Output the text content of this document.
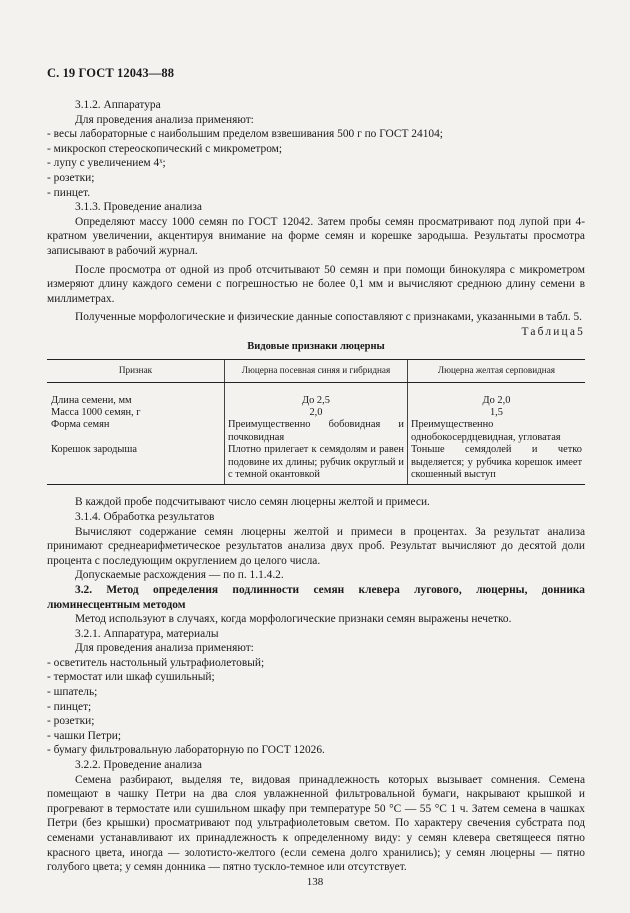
С. 19 ГОСТ 12043—88

3.1.2. Аппаратура

Для проведения анализа применяют:

- весы лабораторные с наибольшим пределом взвешивания 500 г по ГОСТ 24104;

- микроскоп стереоскопический с микрометром;

- лупу с увеличением 4ˣ;

- розетки;

- пинцет.

3.1.3. Проведение анализа

Определяют массу 1000 семян по ГОСТ 12042. Затем пробы семян просматривают под лупой при 4-кратном увеличении, акцентируя внимание на форме семян и корешке зародыша. Результаты просмотра записывают в рабочий журнал.

После просмотра от одной из проб отсчитывают 50 семян и при помощи бинокуляра с микрометром измеряют длину каждого семени с погрешностью не более 0,1 мм и вычисляют среднюю длину семени в миллиметрах.

Полученные морфологические и физические данные сопоставляют с признаками, указанными в табл. 5.

Таблица5

Видовые признаки люцерны

Признак	Люцерна посевная синяя и гибридная	Люцерна желтая серповидная

Длина семени, мм	До 2,5	До 2,0
Масса 1000 семян, г	2,0	1,5
Форма семян	Преимущественно бобовидная и почковидная	Преимущественно однобокосердцевидная, угловатая
Корешок зародыша	Плотно прилегает к семядолям и равен подовине их длины; рубчик округлый и с темной окантовкой	Тоньше семядолей и четко выделяется; у рубчика корешок имеет скошенный выступ

В каждой пробе подсчитывают число семян люцерны желтой и примеси.

3.1.4. Обработка результатов

Вычисляют содержание семян люцерны желтой и примеси в процентах. За результат анализа принимают среднеарифметическое результатов анализа двух проб. Результат вычисляют до десятой доли процента с последующим округлением до целого числа.

Допускаемые расхождения — по п. 1.1.4.2.

3.2. Метод определения подлинности семян клевера лугового, люцерны, донника люминесцентным методом

Метод используют в случаях, когда морфологические признаки семян выражены нечетко.

3.2.1. Аппаратура, материалы

Для проведения анализа применяют:

- осветитель настольный ультрафиолетовый;

- термостат или шкаф сушильный;

- шпатель;

- пинцет;

- розетки;

- чашки Петри;

- бумагу фильтровальную лабораторную по ГОСТ 12026.

3.2.2. Проведение анализа

Семена разбирают, выделяя те, видовая принадлежность которых вызывает сомнения. Семена помещают в чашку Петри на два слоя увлажненной фильтровальной бумаги, накрывают крышкой и прогревают в термостате или сушильном шкафу при температуре 50 °С — 55 °С 1 ч. Затем семена в чашках Петри (без крышки) просматривают под ультрафиолетовым светом. По характеру свечения субстрата под семенами устанавливают их принадлежность к определенному виду: у семян клевера светящееся пятно красного цвета, иногда — золотисто-желтого (если семена долго хранились); у семян люцерны — пятно голубого цвета; у семян донника — пятно тускло-темное или отсутствует.

138
